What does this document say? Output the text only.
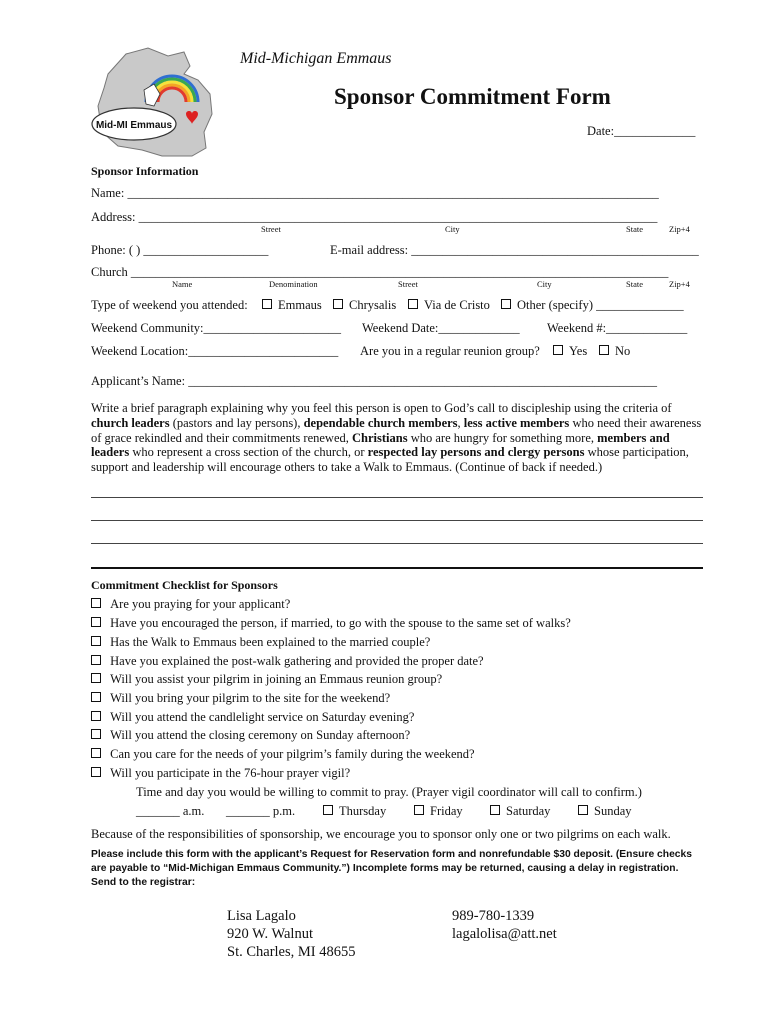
Mid-MI Emmaus
Mid-Michigan Emmaus
Sponsor Commitment Form
Date:_____________
Sponsor Information
Name: _____________________________________________________________________________________
Address: ___________________________________________________________________________________
Street	City	State	Zip+4
Phone: ( ) ____________________	E-mail address: ______________________________________________
Church ______________________________________________________________________________________
Name	Denomination	Street	City	State	Zip+4
Type of weekend you attended:	Emmaus	Chrysalis	Via de Cristo	Other (specify) ______________
Weekend Community:______________________ Weekend Date:_____________ Weekend #:_____________
Weekend Location:________________________ Are you in a regular reunion group?	Yes	No
Applicant’s Name: ___________________________________________________________________________
Write a brief paragraph explaining why you feel this person is open to God’s call to discipleship using the criteria of church leaders (pastors and lay persons), dependable church members, less active members who need their awareness of grace rekindled and their commitments renewed, Christians who are hungry for something more, members and leaders who represent a cross section of the church, or respected lay persons and clergy persons whose participation, support and leadership will encourage others to take a Walk to Emmaus. (Continue of back if needed.)
Commitment Checklist for Sponsors
Are you praying for your applicant?
Have you encouraged the person, if married, to go with the spouse to the same set of walks?
Has the Walk to Emmaus been explained to the married couple?
Have you explained the post-walk gathering and provided the proper date?
Will you assist your pilgrim in joining an Emmaus reunion group?
Will you bring your pilgrim to the site for the weekend?
Will you attend the candlelight service on Saturday evening?
Will you attend the closing ceremony on Sunday afternoon?
Can you care for the needs of your pilgrim’s family during the weekend?
Will you participate in the 76-hour prayer vigil?
Time and day you would be willing to commit to pray. (Prayer vigil coordinator will call to confirm.)
_______ a.m. _______ p.m.	Thursday	Friday	Saturday	Sunday
Because of the responsibilities of sponsorship, we encourage you to sponsor only one or two pilgrims on each walk.
Please include this form with the applicant’s Request for Reservation form and nonrefundable $30 deposit. (Ensure checks are payable to “Mid-Michigan Emmaus Community.”) Incomplete forms may be returned, causing a delay in registration. Send to the registrar:
Lisa Lagalo
920 W. Walnut
St. Charles, MI 48655
989-780-1339
lagalolisa@att.net
